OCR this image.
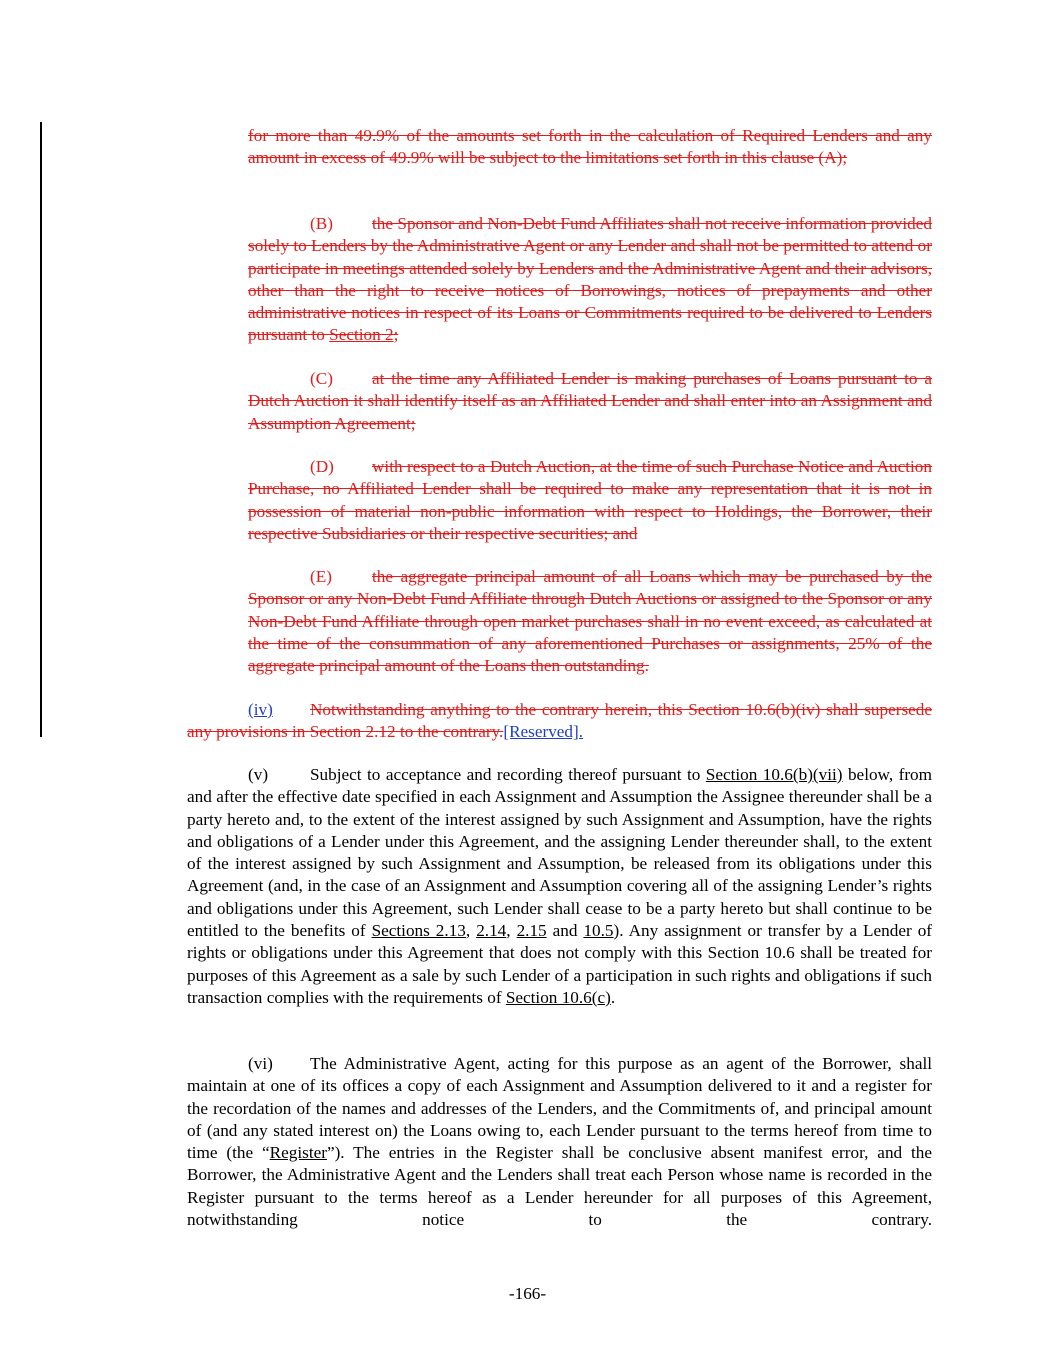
for more than 49.9% of the amounts set forth in the calculation of Required Lenders and any amount in excess of 49.9% will be subject to the limitations set forth in this clause (A);

(B) the Sponsor and Non-Debt Fund Affiliates shall not receive information provided solely to Lenders by the Administrative Agent or any Lender and shall not be permitted to attend or participate in meetings attended solely by Lenders and the Administrative Agent and their advisors, other than the right to receive notices of Borrowings, notices of prepayments and other administrative notices in respect of its Loans or Commitments required to be delivered to Lenders pursuant to Section 2;

(C) at the time any Affiliated Lender is making purchases of Loans pursuant to a Dutch Auction it shall identify itself as an Affiliated Lender and shall enter into an Assignment and Assumption Agreement;

(D) with respect to a Dutch Auction, at the time of such Purchase Notice and Auction Purchase, no Affiliated Lender shall be required to make any representation that it is not in possession of material non-public information with respect to Holdings, the Borrower, their respective Subsidiaries or their respective securities; and

(E) the aggregate principal amount of all Loans which may be purchased by the Sponsor or any Non-Debt Fund Affiliate through Dutch Auctions or assigned to the Sponsor or any Non-Debt Fund Affiliate through open market purchases shall in no event exceed, as calculated at the time of the consummation of any aforementioned Purchases or assignments, 25% of the aggregate principal amount of the Loans then outstanding.

(iv) Notwithstanding anything to the contrary herein, this Section 10.6(b)(iv) shall supersede any provisions in Section 2.12 to the contrary.[Reserved].

(v) Subject to acceptance and recording thereof pursuant to Section 10.6(b)(vii) below, from and after the effective date specified in each Assignment and Assumption the Assignee thereunder shall be a party hereto and, to the extent of the interest assigned by such Assignment and Assumption, have the rights and obligations of a Lender under this Agreement, and the assigning Lender thereunder shall, to the extent of the interest assigned by such Assignment and Assumption, be released from its obligations under this Agreement (and, in the case of an Assignment and Assumption covering all of the assigning Lender’s rights and obligations under this Agreement, such Lender shall cease to be a party hereto but shall continue to be entitled to the benefits of Sections 2.13, 2.14, 2.15 and 10.5). Any assignment or transfer by a Lender of rights or obligations under this Agreement that does not comply with this Section 10.6 shall be treated for purposes of this Agreement as a sale by such Lender of a participation in such rights and obligations if such transaction complies with the requirements of Section 10.6(c).

(vi) The Administrative Agent, acting for this purpose as an agent of the Borrower, shall maintain at one of its offices a copy of each Assignment and Assumption delivered to it and a register for the recordation of the names and addresses of the Lenders, and the Commitments of, and principal amount of (and any stated interest on) the Loans owing to, each Lender pursuant to the terms hereof from time to time (the “Register”). The entries in the Register shall be conclusive absent manifest error, and the Borrower, the Administrative Agent and the Lenders shall treat each Person whose name is recorded in the Register pursuant to the terms hereof as a Lender hereunder for all purposes of this Agreement, notwithstanding notice to the contrary.

-166-
